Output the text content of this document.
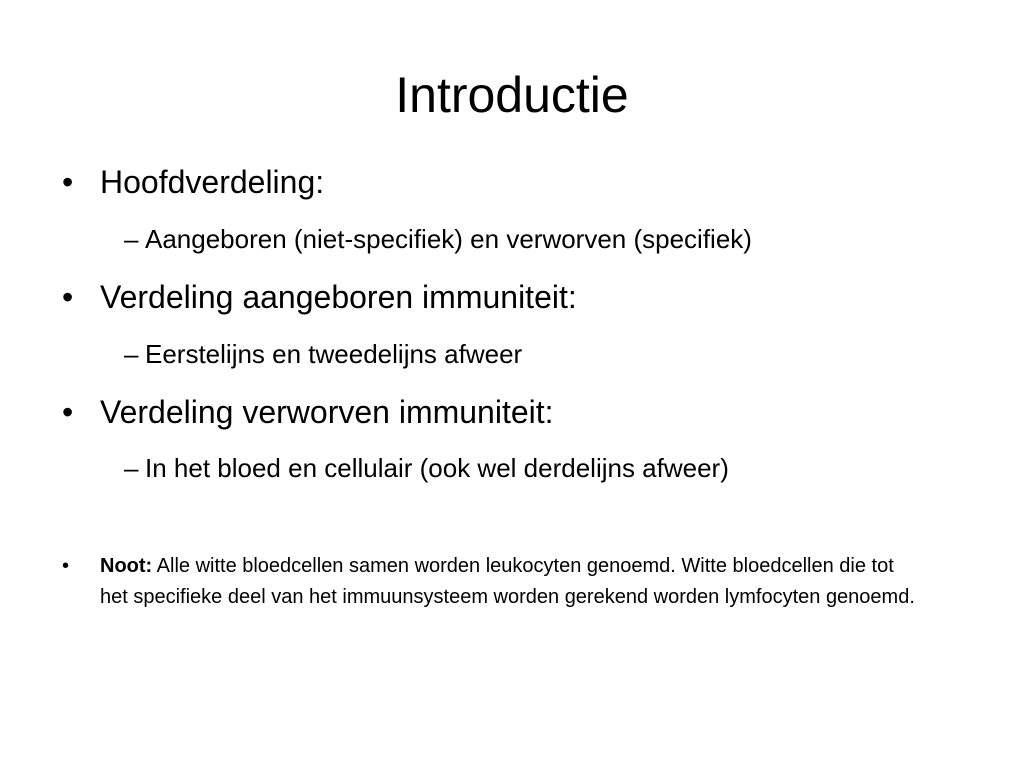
Introductie
• Hoofdverdeling:
– Aangeboren (niet-specifiek) en verworven (specifiek)
• Verdeling aangeboren immuniteit:
– Eerstelijns en tweedelijns afweer
• Verdeling verworven immuniteit:
– In het bloed en cellulair (ook wel derdelijns afweer)
• Noot: Alle witte bloedcellen samen worden leukocyten genoemd. Witte bloedcellen die tot het specifieke deel van het immuunsysteem worden gerekend worden lymfocyten genoemd.
